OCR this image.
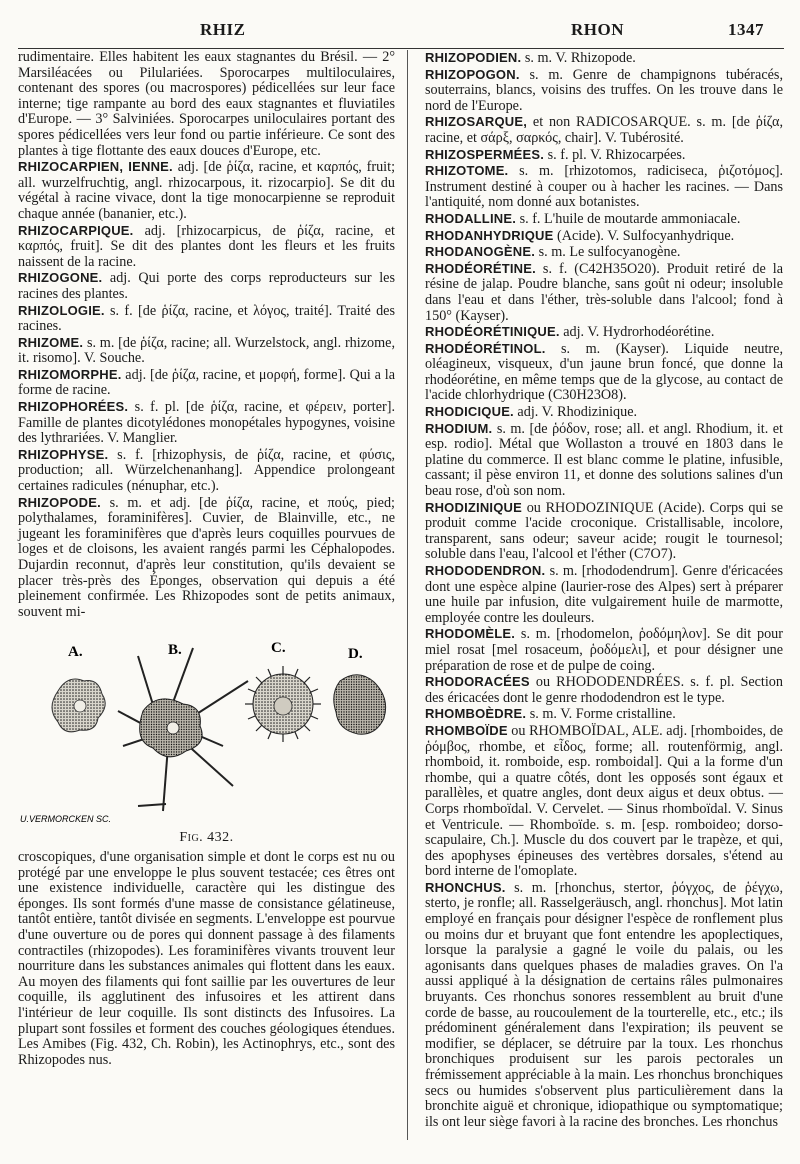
RHIZ	RHON	1347

rudimentaire. Elles habitent les eaux stagnantes du Brésil. — 2° Marsiléacées ou Pilulariées. Sporocarpes multiloculaires, contenant des spores (ou macrospores) pédicellées sur leur face interne; tige rampante au bord des eaux stagnantes et fluviatiles d'Europe. — 3° Salviniées. Sporocarpes uniloculaires portant des spores pédicellées vers leur fond ou partie inférieure. Ce sont des plantes à tige flottante des eaux douces d'Europe, etc.

RHIZOCARPIEN, IENNE. adj. [de ῥίζα, racine, et καρπός, fruit; all. wurzelfruchtig, angl. rhizocarpous, it. rizocarpio]. Se dit du végétal à racine vivace, dont la tige monocarpienne se reproduit chaque année (bananier, etc.).

RHIZOCARPIQUE. adj. [rhizocarpicus, de ῥίζα, racine, et καρπός, fruit]. Se dit des plantes dont les fleurs et les fruits naissent de la racine.

RHIZOGONE. adj. Qui porte des corps reproducteurs sur les racines des plantes.

RHIZOLOGIE. s. f. [de ῥίζα, racine, et λόγος, traité]. Traité des racines.

RHIZOME. s. m. [de ῥίζα, racine; all. Wurzelstock, angl. rhizome, it. risomo]. V. Souche.

RHIZOMORPHE. adj. [de ῥίζα, racine, et μορφή, forme]. Qui a la forme de racine.

RHIZOPHORÉES. s. f. pl. [de ῥίζα, racine, et φέρειν, porter]. Famille de plantes dicotylédones monopétales hypogynes, voisine des lythrariées. V. Manglier.

RHIZOPHYSE. s. f. [rhizophysis, de ῥίζα, racine, et φύσις, production; all. Würzelchenanhang]. Appendice prolongeant certaines radicules (nénuphar, etc.).

RHIZOPODE. s. m. et adj. [de ῥίζα, racine, et πούς, pied; polythalames, foraminifères]. Cuvier, de Blainville, etc., ne jugeant les foraminifères que d'après leurs coquilles pourvues de loges et de cloisons, les avaient rangés parmi les Céphalopodes. Dujardin reconnut, d'après leur constitution, qu'ils devaient se placer très-près des Éponges, observation qui depuis a été pleinement confirmée. Les Rhizopodes sont de petits animaux, souvent mi-

A.	B.	C.	D.
U.VERMORCKEN SC.

Fig. 432.

croscopiques, d'une organisation simple et dont le corps est nu ou protégé par une enveloppe le plus souvent testacée; ces êtres ont une existence individuelle, caractère qui les distingue des éponges. Ils sont formés d'une masse de consistance gélatineuse, tantôt entière, tantôt divisée en segments. L'enveloppe est pourvue d'une ouverture ou de pores qui donnent passage à des filaments contractiles (rhizopodes). Les foraminifères vivants trouvent leur nourriture dans les substances animales qui flottent dans les eaux. Au moyen des filaments qui font saillie par les ouvertures de leur coquille, ils agglutinent des infusoires et les attirent dans l'intérieur de leur coquille. Ils sont distincts des Infusoires. La plupart sont fossiles et forment des couches géologiques étendues. Les Amibes (Fig. 432, Ch. Robin), les Actinophrys, etc., sont des Rhizopodes nus.

RHIZOPODIEN. s. m. V. Rhizopode.

RHIZOPOGON. s. m. Genre de champignons tubéracés, souterrains, blancs, voisins des truffes. On les trouve dans le nord de l'Europe.

RHIZOSARQUE, et non RADICOSARQUE. s. m. [de ῥίζα, racine, et σάρξ, σαρκός, chair]. V. Tubérosité.

RHIZOSPERMÉES. s. f. pl. V. Rhizocarpées.

RHIZOTOME. s. m. [rhizotomos, radiciseca, ῥιζοτόμος]. Instrument destiné à couper ou à hacher les racines. — Dans l'antiquité, nom donné aux botanistes.

RHODALLINE. s. f. L'huile de moutarde ammoniacale.

RHODANHYDRIQUE (Acide). V. Sulfocyanhydrique.

RHODANOGÈNE. s. m. Le sulfocyanogène.

RHODÉORÉTINE. s. f. (C42H35O20). Produit retiré de la résine de jalap. Poudre blanche, sans goût ni odeur; insoluble dans l'eau et dans l'éther, très-soluble dans l'alcool; fond à 150° (Kayser).

RHODÉORÉTINIQUE. adj. V. Hydrorhodéorétine.

RHODÉORÉTINOL. s. m. (Kayser). Liquide neutre, oléagineux, visqueux, d'un jaune brun foncé, que donne la rhodéorétine, en même temps que de la glycose, au contact de l'acide chlorhydrique (C30H23O8).

RHODICIQUE. adj. V. Rhodizinique.

RHODIUM. s. m. [de ῥόδον, rose; all. et angl. Rhodium, it. et esp. rodio]. Métal que Wollaston a trouvé en 1803 dans le platine du commerce. Il est blanc comme le platine, infusible, cassant; il pèse environ 11, et donne des solutions salines d'un beau rose, d'où son nom.

RHODIZINIQUE ou RHODOZINIQUE (Acide). Corps qui se produit comme l'acide croconique. Cristallisable, incolore, transparent, sans odeur; saveur acide; rougit le tournesol; soluble dans l'eau, l'alcool et l'éther (C7O7).

RHODODENDRON. s. m. [rhododendrum]. Genre d'éricacées dont une espèce alpine (laurier-rose des Alpes) sert à préparer une huile par infusion, dite vulgairement huile de marmotte, employée contre les douleurs.

RHODOMÈLE. s. m. [rhodomelon, ῥοδόμηλον]. Se dit pour miel rosat [mel rosaceum, ῥοδόμελι], et pour désigner une préparation de rose et de pulpe de coing.

RHODORACÉES ou RHODODENDRÉES. s. f. pl. Section des éricacées dont le genre rhododendron est le type.

RHOMBOÈDRE. s. m. V. Forme cristalline.

RHOMBOÏDE ou RHOMBOÏDAL, ALE. adj. [rhomboides, de ῥόμβος, rhombe, et εἶδος, forme; all. routenförmig, angl. rhomboid, it. romboide, esp. romboidal]. Qui a la forme d'un rhombe, qui a quatre côtés, dont les opposés sont égaux et parallèles, et quatre angles, dont deux aigus et deux obtus. — Corps rhomboïdal. V. Cervelet. — Sinus rhomboïdal. V. Sinus et Ventricule. — Rhomboïde. s. m. [esp. romboideo; dorso-scapulaire, Ch.]. Muscle du dos couvert par le trapèze, et qui, des apophyses épineuses des vertèbres dorsales, s'étend au bord interne de l'omoplate.

RHONCHUS. s. m. [rhonchus, stertor, ῥόγχος, de ῥέγχω, sterto, je ronfle; all. Rasselgeräusch, angl. rhonchus]. Mot latin employé en français pour désigner l'espèce de ronflement plus ou moins dur et bruyant que font entendre les apoplectiques, lorsque la paralysie a gagné le voile du palais, ou les agonisants dans quelques phases de maladies graves. On l'a aussi appliqué à la désignation de certains râles pulmonaires bruyants. Ces rhonchus sonores ressemblent au bruit d'une corde de basse, au roucoulement de la tourterelle, etc., etc.; ils prédominent généralement dans l'expiration; ils peuvent se modifier, se déplacer, se détruire par la toux. Les rhonchus bronchiques produisent sur les parois pectorales un frémissement appréciable à la main. Les rhonchus bronchiques secs ou humides s'observent plus particulièrement dans la bronchite aiguë et chronique, idiopathique ou symptomatique; ils ont leur siège favori à la racine des bronches. Les rhonchus
